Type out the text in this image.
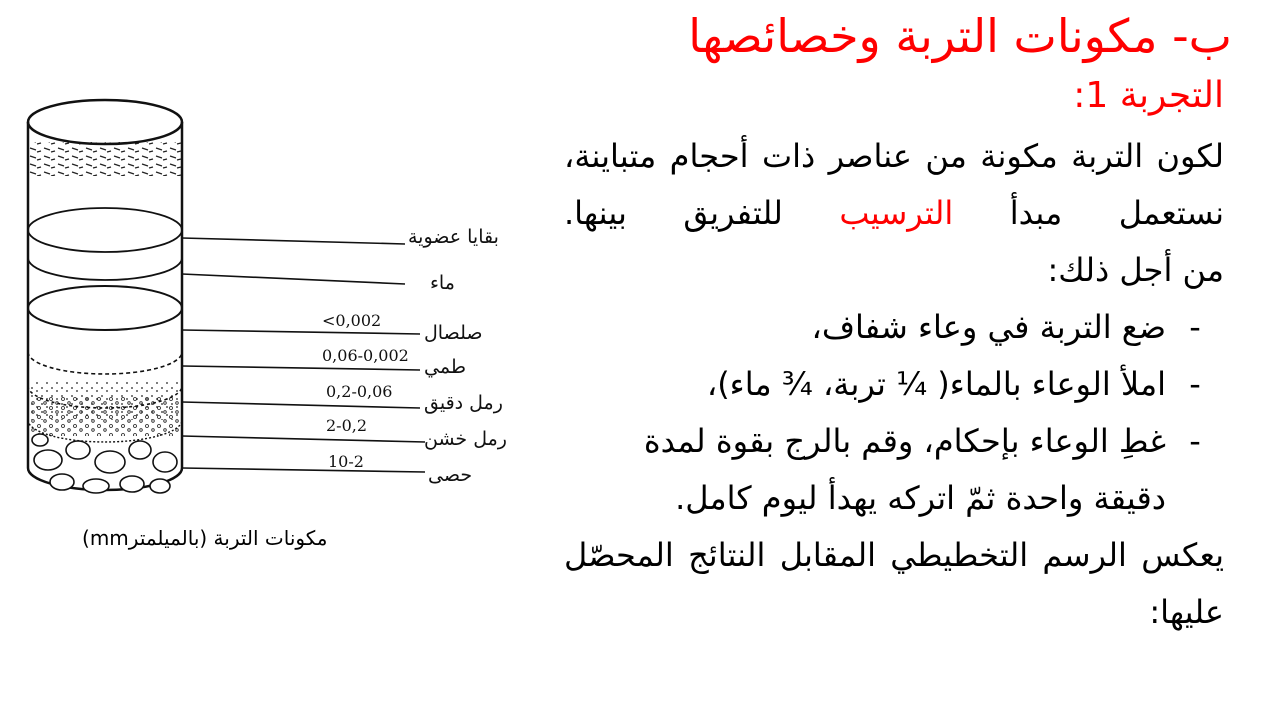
ب- مكونات التربة وخصائصها
التجربة 1:

لكون التربة مكونة من عناصر ذات أحجام متباينة، نستعمل مبدأ الترسيب للتفريق بينها.

من أجل ذلك:

-
ضع التربة في وعاء شفاف،
-
املأ الوعاء بالماء( ¼ تربة، ¾ ماء)،
-
غطِ الوعاء بإحكام، وقم بالرج بقوة لمدة دقيقة واحدة ثمّ اتركه يهدأ ليوم كامل.

يعكس الرسم التخطيطي المقابل النتائج المحصّل عليها:

بقايا عضوية
ماء
صلصال
طمي
رمل دقيق
رمل خشن
حصى
<0,002
0,06-0,002
0,2-0,06
2-0,2
10-2
مكونات التربة (بالميلمترmm)
